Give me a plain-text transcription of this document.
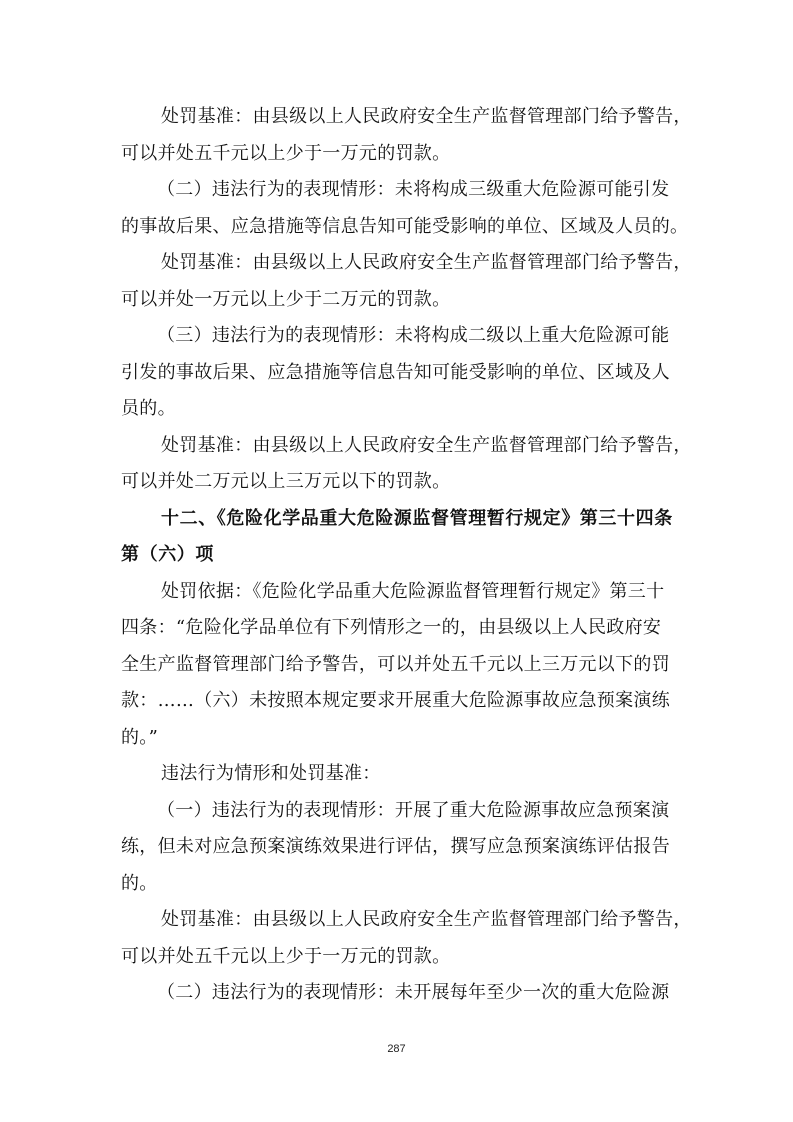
处罚基准：由县级以上人民政府安全生产监督管理部门给予警告，
可以并处五千元以上少于一万元的罚款。
（二）违法行为的表现情形：未将构成三级重大危险源可能引发
的事故后果、应急措施等信息告知可能受影响的单位、区域及人员的。
处罚基准：由县级以上人民政府安全生产监督管理部门给予警告，
可以并处一万元以上少于二万元的罚款。
（三）违法行为的表现情形：未将构成二级以上重大危险源可能
引发的事故后果、应急措施等信息告知可能受影响的单位、区域及人
员的。
处罚基准：由县级以上人民政府安全生产监督管理部门给予警告，
可以并处二万元以上三万元以下的罚款。
十二、《危险化学品重大危险源监督管理暂行规定》第三十四条
第（六）项
处罚依据：《危险化学品重大危险源监督管理暂行规定》第三十
四条：“危险化学品单位有下列情形之一的，由县级以上人民政府安
全生产监督管理部门给予警告，可以并处五千元以上三万元以下的罚
款：……（六）未按照本规定要求开展重大危险源事故应急预案演练
的。”
违法行为情形和处罚基准：
（一）违法行为的表现情形：开展了重大危险源事故应急预案演
练，但未对应急预案演练效果进行评估，撰写应急预案演练评估报告
的。
处罚基准：由县级以上人民政府安全生产监督管理部门给予警告，
可以并处五千元以上少于一万元的罚款。
（二）违法行为的表现情形：未开展每年至少一次的重大危险源
287
